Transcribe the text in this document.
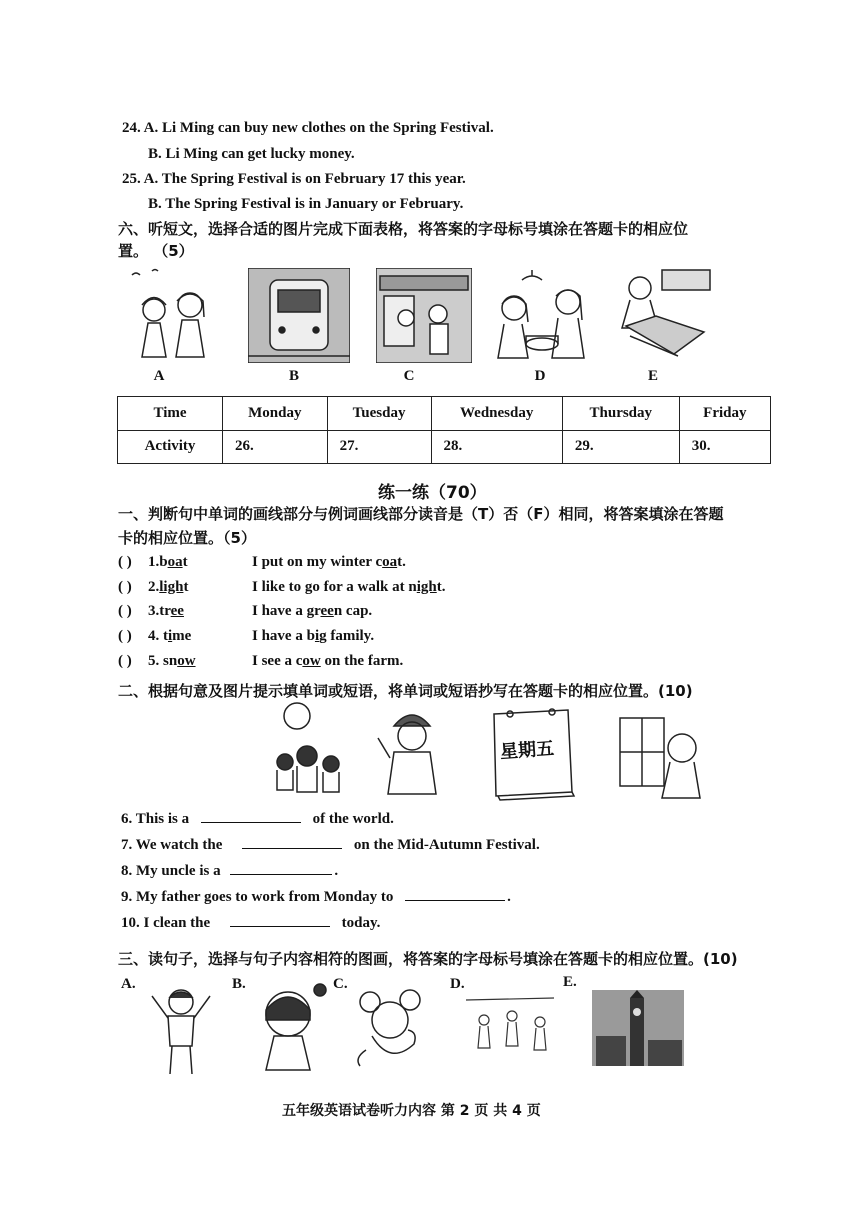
24. A. Li Ming can buy new clothes on the Spring Festival.
B. Li Ming can get lucky money.
25. A. The Spring Festival is on February 17 this year.
B. The Spring Festival is in January or February.
六、听短文，选择合适的图片完成下面表格，将答案的字母标号填涂在答题卡的相应位
置。 （5）
A	B	C	D	E
Time	Monday	Tuesday	Wednesday	Thursday	Friday
Activity	26.	27.	28.	29.	30.
练一练（70）
一、判断句中单词的画线部分与例词画线部分读音是（T）否（F）相同，将答案填涂在答题
卡的相应位置。（5）
( ) 1.boat	I put on my winter coat.
( ) 2.light	I like to go for a walk at night.
( ) 3.tree	I have a green cap.
( ) 4. time	I have a big family.
( ) 5. snow	I see a cow on the farm.
二、根据句意及图片提示填单词或短语，将单词或短语抄写在答题卡的相应位置。(10)
星期五
6. This is a	of the world.
7. We watch the	on the Mid-Autumn Festival.
8. My uncle is a	.
9. My father goes to work from Monday to	.
10. I clean the	today.
三、读句子，选择与句子内容相符的图画，将答案的字母标号填涂在答题卡的相应位置。(10)
A.	B.	C.	D.	E.
五年级英语试卷听力内容 第 2 页 共 4 页
